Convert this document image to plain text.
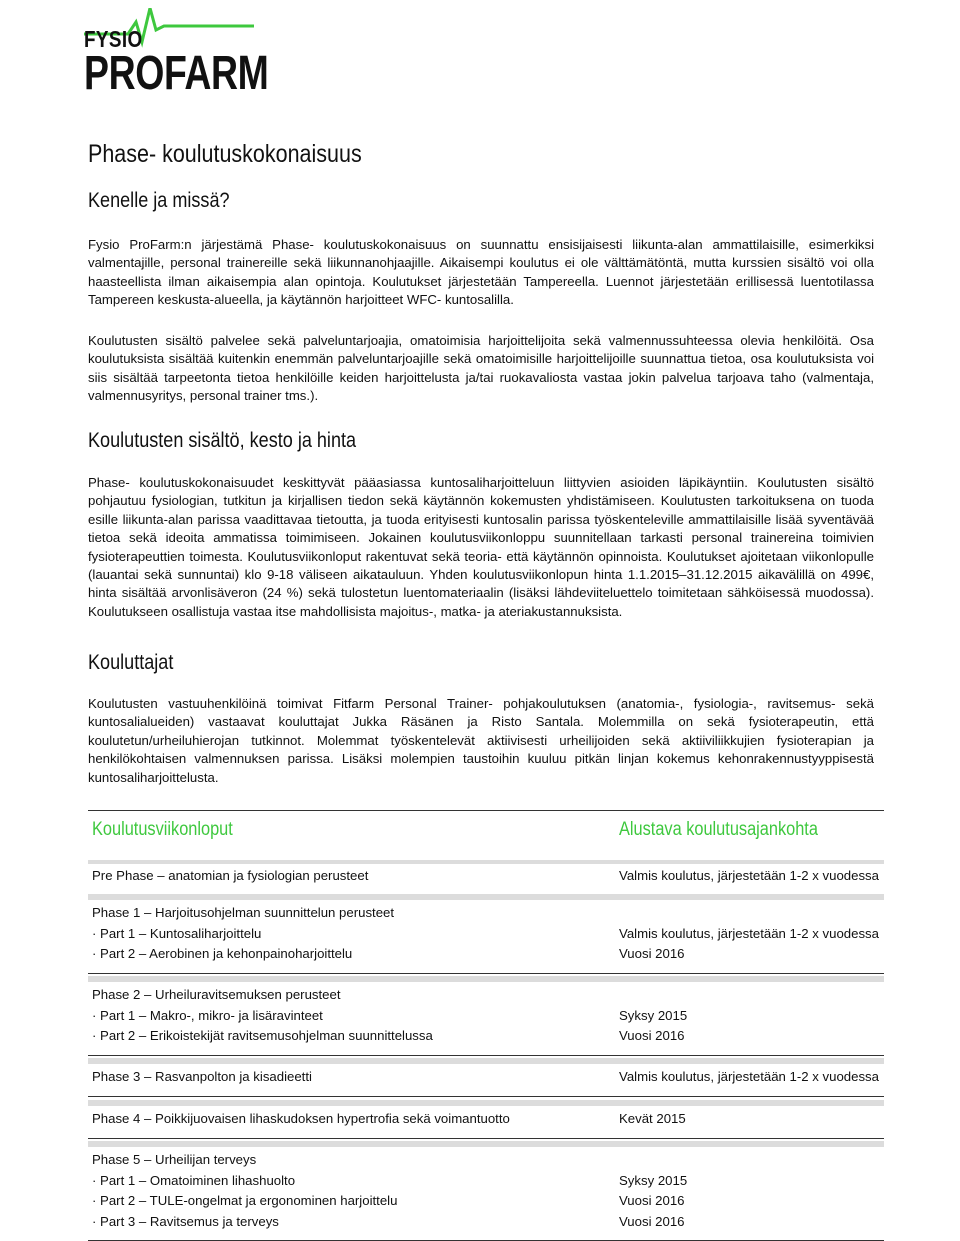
FYSIO
PROFARM
Phase- koulutuskokonaisuus
Kenelle ja missä?
Fysio ProFarm:n järjestämä Phase- koulutuskokonaisuus on suunnattu ensisijaisesti liikunta-alan ammattilaisille, esimerkiksi valmentajille, personal trainereille sekä liikunnanohjaajille. Aikaisempi koulutus ei ole välttämätöntä, mutta kurssien sisältö voi olla haasteellista ilman aikaisempia alan opintoja. Koulutukset järjestetään Tampereella. Luennot järjestetään erillisessä luentotilassa Tampereen keskusta-alueella, ja käytännön harjoitteet WFC- kuntosalilla.
Koulutusten sisältö palvelee sekä palveluntarjoajia, omatoimisia harjoittelijoita sekä valmennussuhteessa olevia henkilöitä. Osa koulutuksista sisältää kuitenkin enemmän palveluntarjoajille sekä omatoimisille harjoittelijoille suunnattua tietoa, osa koulutuksista voi siis sisältää tarpeetonta tietoa henkilöille keiden harjoittelusta ja/tai ruokavaliosta vastaa jokin palvelua tarjoava taho (valmentaja, valmennusyritys, personal trainer tms.).
Koulutusten sisältö, kesto ja hinta
Phase- koulutuskokonaisuudet keskittyvät pääasiassa kuntosaliharjoitteluun liittyvien asioiden läpikäyntiin. Koulutusten sisältö pohjautuu fysiologian, tutkitun ja kirjallisen tiedon sekä käytännön kokemusten yhdistämiseen. Koulutusten tarkoituksena on tuoda esille liikunta-alan parissa vaadittavaa tietoutta, ja tuoda erityisesti kuntosalin parissa työskenteleville ammattilaisille lisää syventävää tietoa sekä ideoita ammatissa toimimiseen. Jokainen koulutusviikonloppu suunnitellaan tarkasti personal trainereina toimivien fysioterapeuttien toimesta. Koulutusviikonloput rakentuvat sekä teoria- että käytännön opinnoista. Koulutukset ajoitetaan viikonlopulle (lauantai sekä sunnuntai) klo 9-18 väliseen aikatauluun. Yhden koulutusviikonlopun hinta 1.1.2015–31.12.2015 aikavälillä on 499€, hinta sisältää arvonlisäveron (24 %) sekä tulostetun luentomateriaalin (lisäksi lähdeviiteluettelo toimitetaan sähköisessä muodossa). Koulutukseen osallistuja vastaa itse mahdollisista majoitus-, matka- ja ateriakustannuksista.
Kouluttajat
Koulutusten vastuuhenkilöinä toimivat Fitfarm Personal Trainer- pohjakoulutuksen (anatomia-, fysiologia-, ravitsemus- sekä kuntosalialueiden) vastaavat kouluttajat Jukka Räsänen ja Risto Santala. Molemmilla on sekä fysioterapeutin, että koulutetun/urheiluhierojan tutkinnot. Molemmat työskentelevät aktiivisesti urheilijoiden sekä aktiiviliikkujien fysioterapian ja henkilökohtaisen valmennuksen parissa. Lisäksi molempien taustoihin kuuluu pitkän linjan kokemus kehonrakennustyyppisestä kuntosaliharjoittelusta.
Koulutusviikonloput	Alustava koulutusajankohta
Pre Phase – anatomian ja fysiologian perusteet	Valmis koulutus, järjestetään 1-2 x vuodessa
Phase 1 – Harjoitusohjelman suunnittelun perusteet
· Part 1 – Kuntosaliharjoittelu	Valmis koulutus, järjestetään 1-2 x vuodessa
· Part 2 – Aerobinen ja kehonpainoharjoittelu	Vuosi 2016
Phase 2 – Urheiluravitsemuksen perusteet
· Part 1 – Makro-, mikro- ja lisäravinteet	Syksy 2015
· Part 2 – Erikoistekijät ravitsemusohjelman suunnittelussa	Vuosi 2016
Phase 3 – Rasvanpolton ja kisadieetti	Valmis koulutus, järjestetään 1-2 x vuodessa
Phase 4 – Poikkijuovaisen lihaskudoksen hypertrofia sekä voimantuotto	Kevät 2015
Phase 5 – Urheilijan terveys
· Part 1 – Omatoiminen lihashuolto	Syksy 2015
· Part 2 – TULE-ongelmat ja ergonominen harjoittelu	Vuosi 2016
· Part 3 – Ravitsemus ja terveys	Vuosi 2016
